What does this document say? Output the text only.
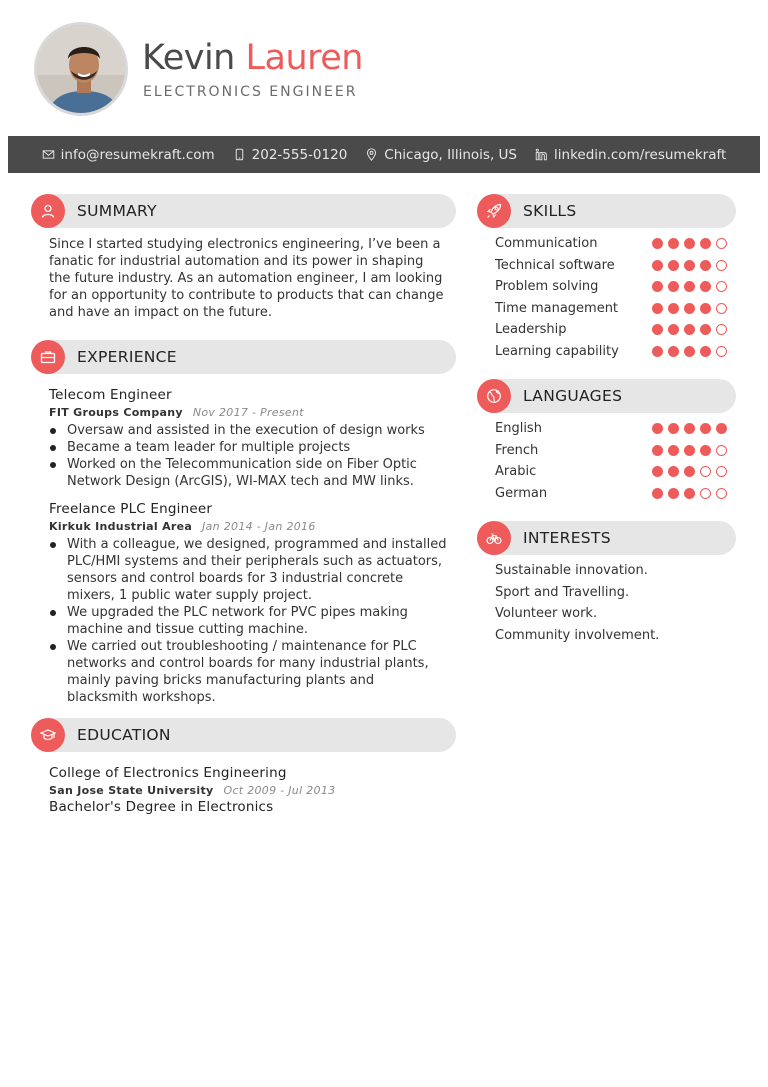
Kevin Lauren
ELECTRONICS ENGINEER
info@resumekraft.com	202-555-0120	Chicago, Illinois, US	linkedin.com/resumekraft
SUMMARY
Since I started studying electronics engineering, I’ve been a fanatic for industrial automation and its power in shaping the future industry. As an automation engineer, I am looking for an opportunity to contribute to products that can change and have an impact on the future.
EXPERIENCE
Telecom Engineer
FIT Groups Company Nov 2017 - Present
Oversaw and assisted in the execution of design works
Became a team leader for multiple projects
Worked on the Telecommunication side on Fiber Optic Network Design (ArcGIS), WI-MAX tech and MW links.
Freelance PLC Engineer
Kirkuk Industrial Area Jan 2014 - Jan 2016
With a colleague, we designed, programmed and installed PLC/HMI systems and their peripherals such as actuators, sensors and control boards for 3 industrial concrete mixers, 1 public water supply project.
We upgraded the PLC network for PVC pipes making machine and tissue cutting machine.
We carried out troubleshooting / maintenance for PLC networks and control boards for many industrial plants, mainly paving bricks manufacturing plants and blacksmith workshops.
EDUCATION
College of Electronics Engineering
San Jose State University Oct 2009 - Jul 2013
Bachelor's Degree in Electronics
SKILLS
Communication
Technical software
Problem solving
Time management
Leadership
Learning capability
LANGUAGES
English
French
Arabic
German
INTERESTS
Sustainable innovation.
Sport and Travelling.
Volunteer work.
Community involvement.
